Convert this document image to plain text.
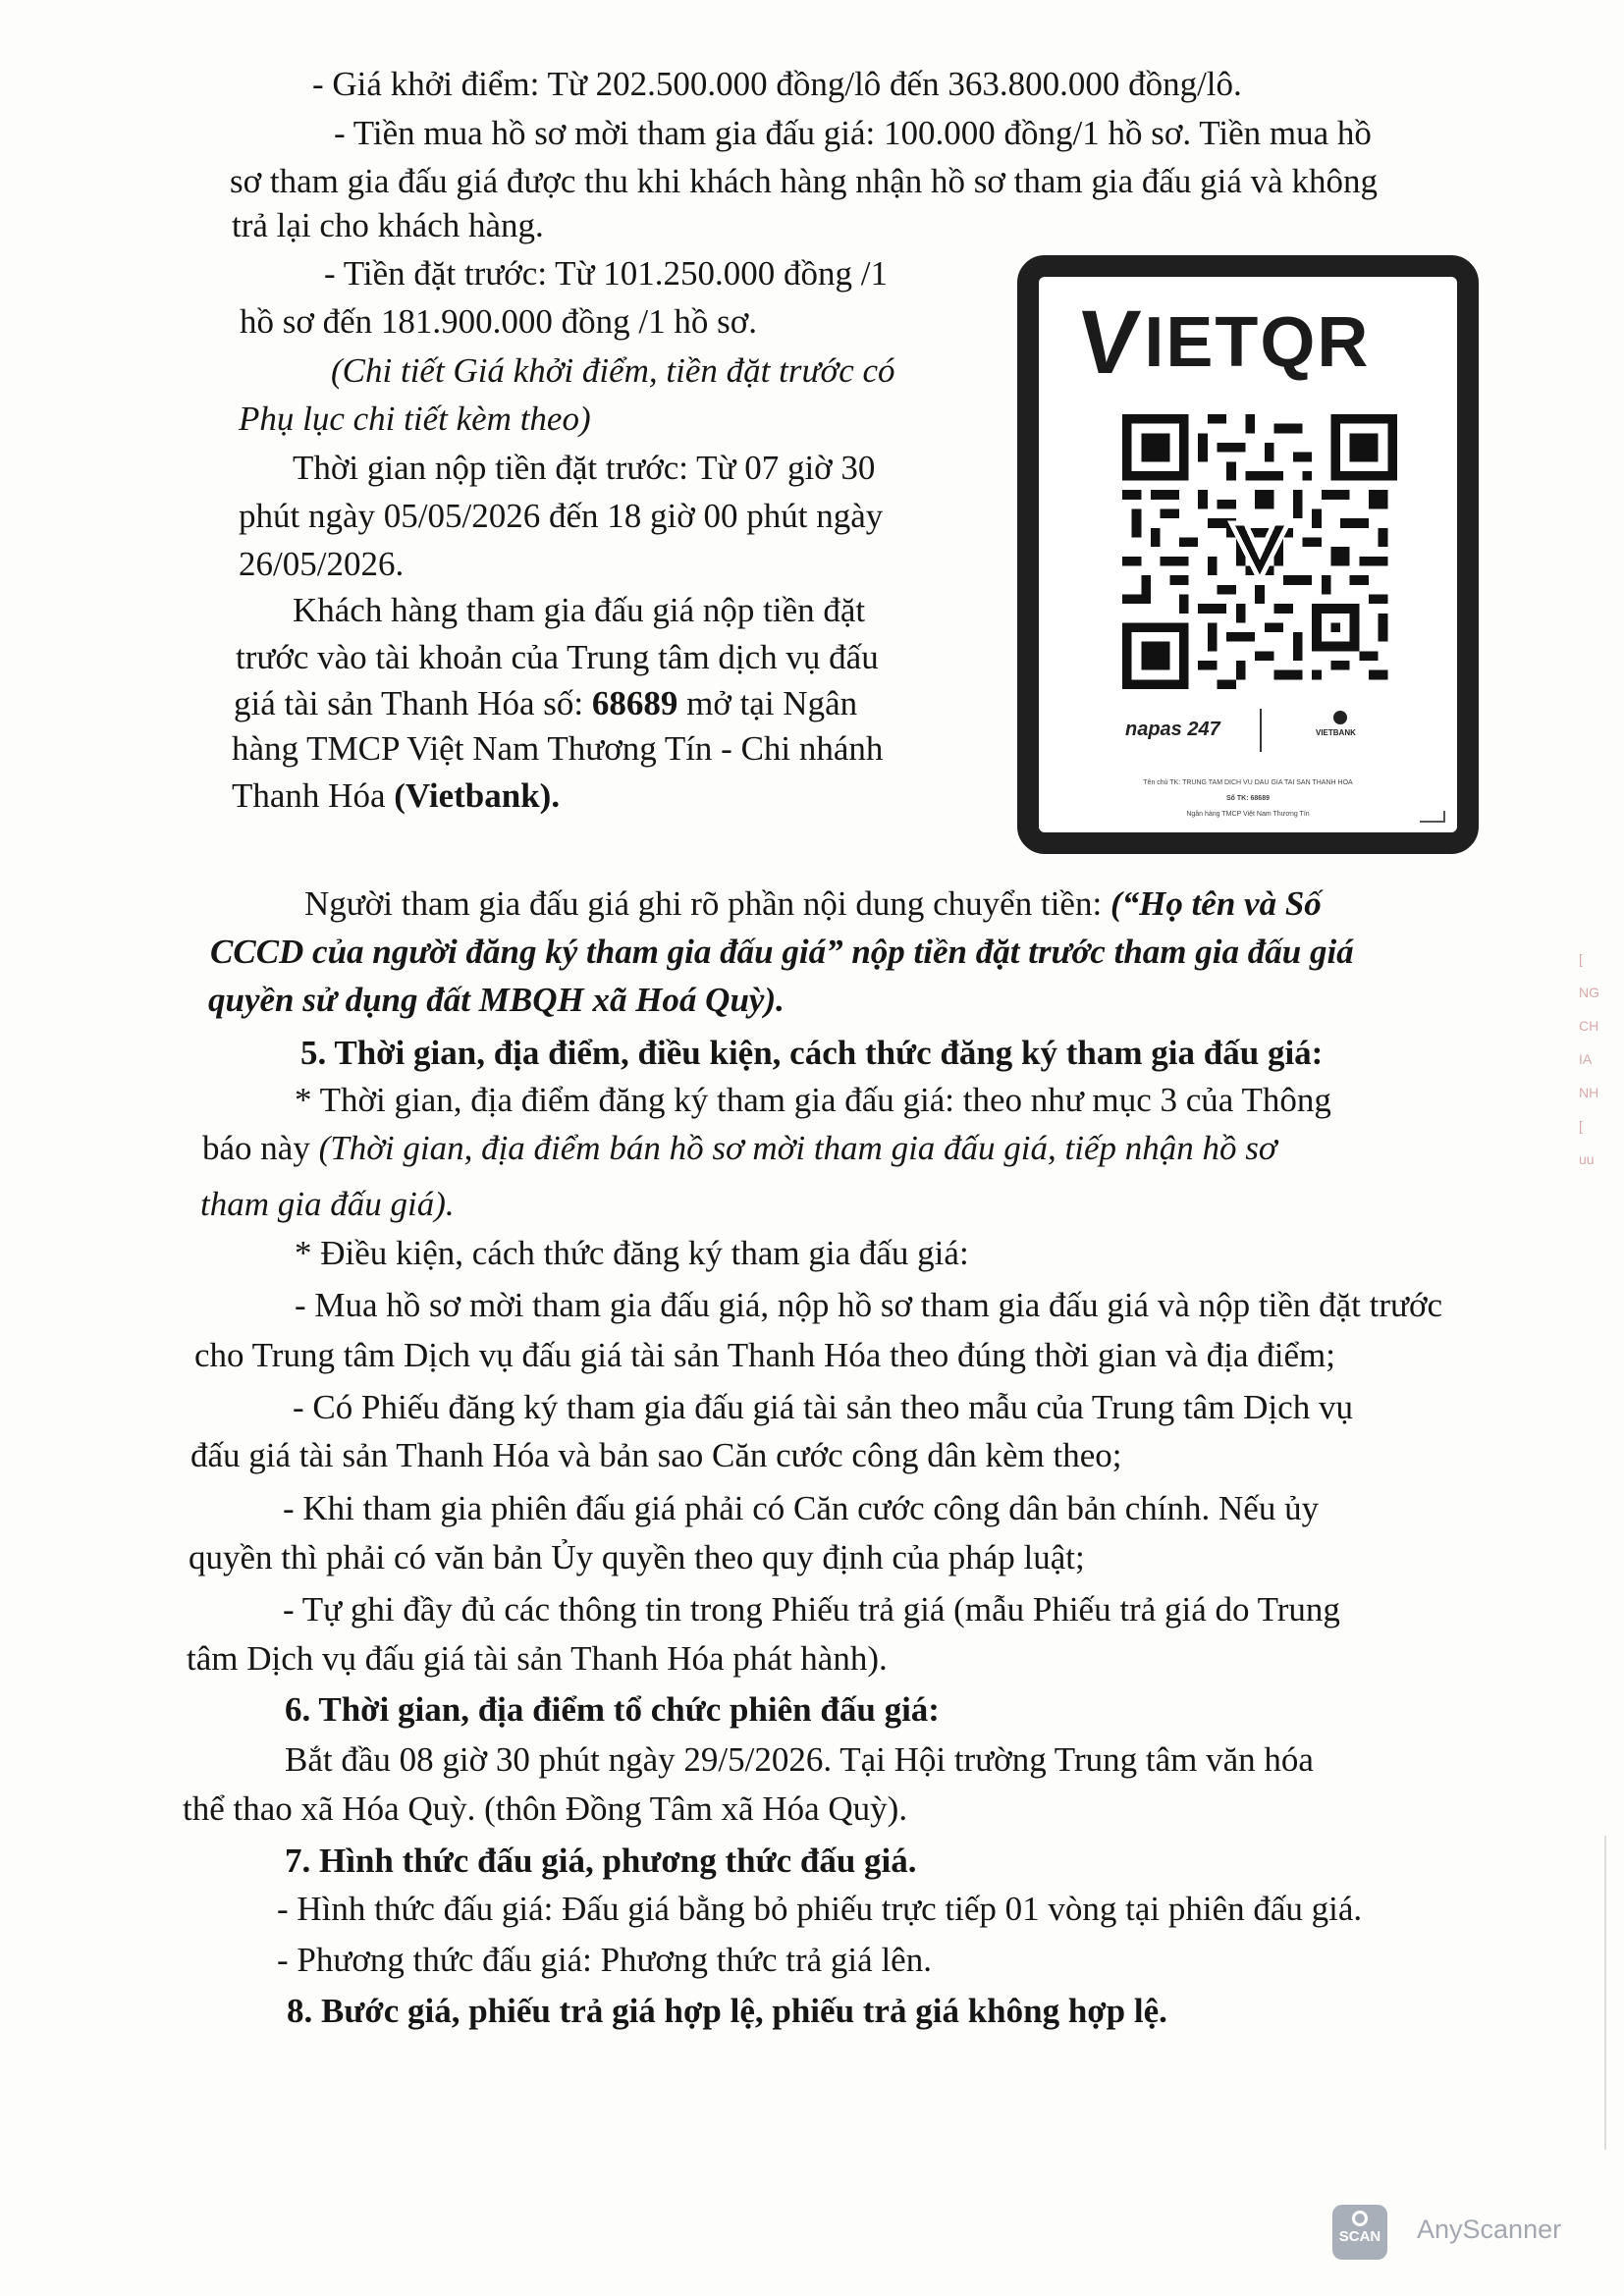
- Giá khởi điểm: Từ 202.500.000 đồng/lô đến 363.800.000 đồng/lô.
- Tiền mua hồ sơ mời tham gia đấu giá: 100.000 đồng/1 hồ sơ. Tiền mua hồ
sơ tham gia đấu giá được thu khi khách hàng nhận hồ sơ tham gia đấu giá và không
trả lại cho khách hàng.
- Tiền đặt trước: Từ 101.250.000 đồng /1
hồ sơ đến 181.900.000 đồng /1 hồ sơ.
(Chi tiết Giá khởi điểm, tiền đặt trước có
Phụ lục chi tiết kèm theo)
Thời gian nộp tiền đặt trước: Từ 07 giờ 30
phút ngày 05/05/2026 đến 18 giờ 00 phút ngày
26/05/2026.
Khách hàng tham gia đấu giá nộp tiền đặt
trước vào tài khoản của Trung tâm dịch vụ đấu
giá tài sản Thanh Hóa số: 68689 mở tại Ngân
hàng TMCP Việt Nam Thương Tín - Chi nhánh
Thanh Hóa (Vietbank).
V
IETQR
napas 247	VIETBANK
Tên chủ TK: TRUNG TAM DICH VU DAU GIA TAI SAN THANH HOA
Số TK: 68689
Ngân hàng TMCP Việt Nam Thương Tín
Người tham gia đấu giá ghi rõ phần nội dung chuyển tiền: (“Họ tên và Số
CCCD của người đăng ký tham gia đấu giá” nộp tiền đặt trước tham gia đấu giá
quyền sử dụng đất MBQH xã Hoá Quỳ).
5. Thời gian, địa điểm, điều kiện, cách thức đăng ký tham gia đấu giá:
* Thời gian, địa điểm đăng ký tham gia đấu giá: theo như mục 3 của Thông
báo này (Thời gian, địa điểm bán hồ sơ mời tham gia đấu giá, tiếp nhận hồ sơ
tham gia đấu giá).
* Điều kiện, cách thức đăng ký tham gia đấu giá:
- Mua hồ sơ mời tham gia đấu giá, nộp hồ sơ tham gia đấu giá và nộp tiền đặt trước
cho Trung tâm Dịch vụ đấu giá tài sản Thanh Hóa theo đúng thời gian và địa điểm;
- Có Phiếu đăng ký tham gia đấu giá tài sản theo mẫu của Trung tâm Dịch vụ
đấu giá tài sản Thanh Hóa và bản sao Căn cước công dân kèm theo;
- Khi tham gia phiên đấu giá phải có Căn cước công dân bản chính. Nếu ủy
quyền thì phải có văn bản Ủy quyền theo quy định của pháp luật;
- Tự ghi đầy đủ các thông tin trong Phiếu trả giá (mẫu Phiếu trả giá do Trung
tâm Dịch vụ đấu giá tài sản Thanh Hóa phát hành).
6. Thời gian, địa điểm tổ chức phiên đấu giá:
Bắt đầu 08 giờ 30 phút ngày 29/5/2026. Tại Hội trường Trung tâm văn hóa
thể thao xã Hóa Quỳ. (thôn Đồng Tâm xã Hóa Quỳ).
7. Hình thức đấu giá, phương thức đấu giá.
- Hình thức đấu giá: Đấu giá bằng bỏ phiếu trực tiếp 01 vòng tại phiên đấu giá.
- Phương thức đấu giá: Phương thức trả giá lên.
8. Bước giá, phiếu trả giá hợp lệ, phiếu trả giá không hợp lệ.
[
NG
CH
IA
NH
[
uu
SCAN AnyScanner
